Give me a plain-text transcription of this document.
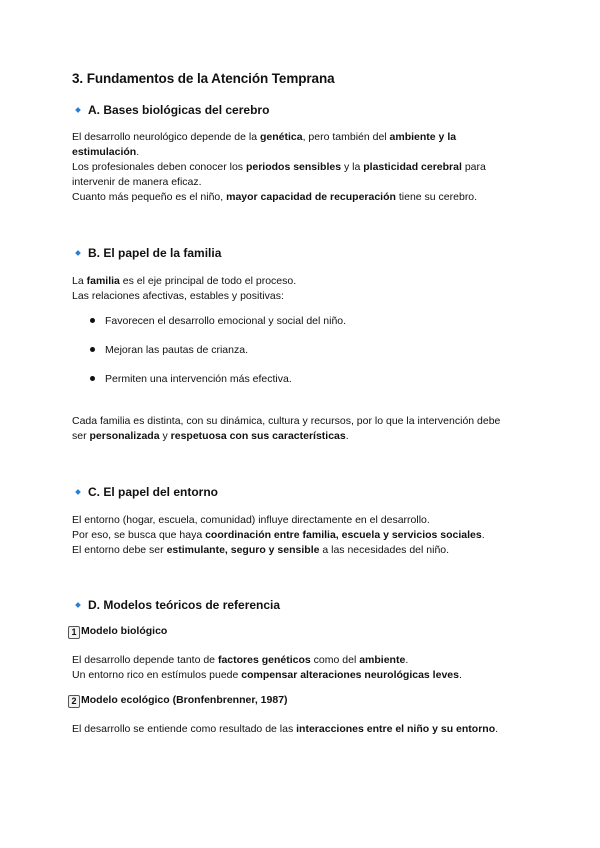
3. Fundamentos de la Atención Temprana
A. Bases biológicas del cerebro
El desarrollo neurológico depende de la genética, pero también del ambiente y la
estimulación.
Los profesionales deben conocer los periodos sensibles y la plasticidad cerebral para
intervenir de manera eficaz.
Cuanto más pequeño es el niño, mayor capacidad de recuperación tiene su cerebro.
B. El papel de la familia
La familia es el eje principal de todo el proceso.
Las relaciones afectivas, estables y positivas:
Favorecen el desarrollo emocional y social del niño.
Mejoran las pautas de crianza.
Permiten una intervención más efectiva.
Cada familia es distinta, con su dinámica, cultura y recursos, por lo que la intervención debe
ser personalizada y respetuosa con sus características.
C. El papel del entorno
El entorno (hogar, escuela, comunidad) influye directamente en el desarrollo.
Por eso, se busca que haya coordinación entre familia, escuela y servicios sociales.
El entorno debe ser estimulante, seguro y sensible a las necesidades del niño.
D. Modelos teóricos de referencia
1 Modelo biológico
El desarrollo depende tanto de factores genéticos como del ambiente.
Un entorno rico en estímulos puede compensar alteraciones neurológicas leves.
2 Modelo ecológico (Bronfenbrenner, 1987)
El desarrollo se entiende como resultado de las interacciones entre el niño y su entorno.
